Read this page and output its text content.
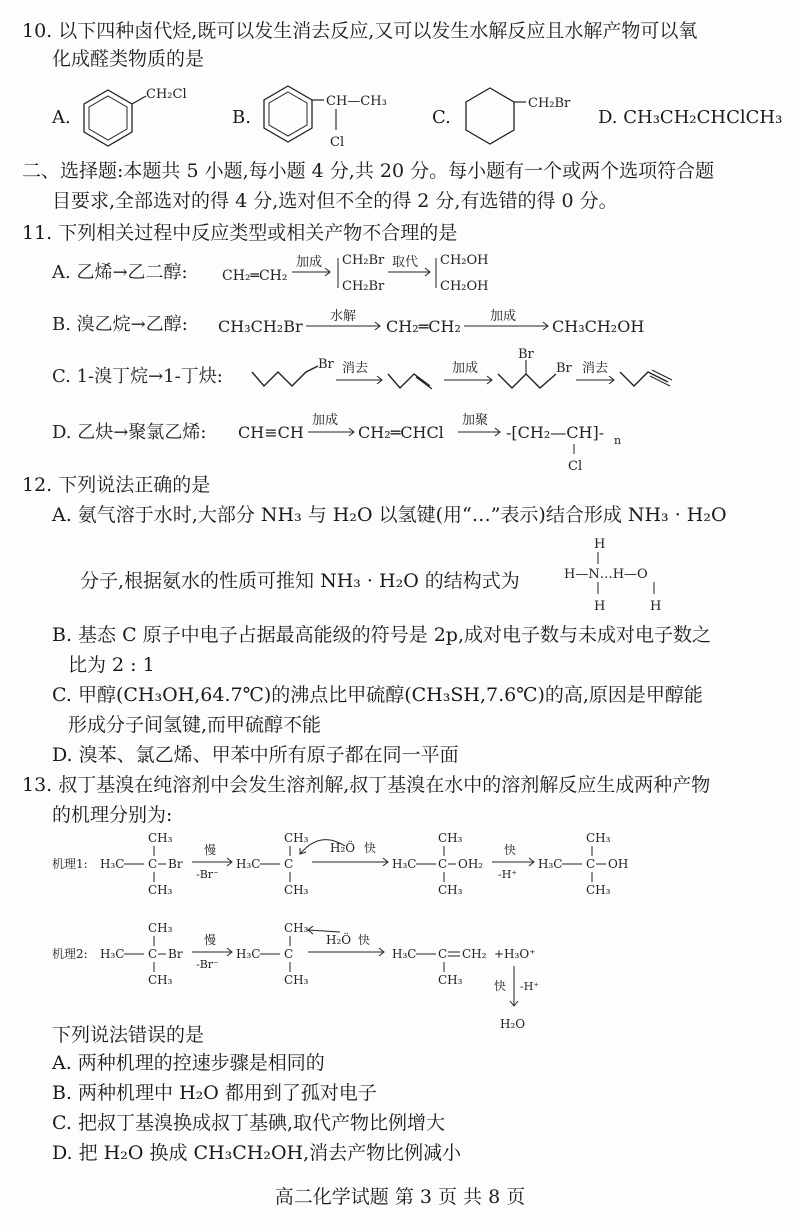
10. 以下四种卤代烃,既可以发生消去反应,又可以发生水解反应且水解产物可以氧
化成醛类物质的是
A.
CH₂Cl
B.
CH—CH₃
Cl
C.
CH₂Br
D. CH₃CH₂CHClCH₃
二、选择题:本题共 5 小题,每小题 4 分,共 20 分。每小题有一个或两个选项符合题
目要求,全部选对的得 4 分,选对但不全的得 2 分,有选错的得 0 分。
11. 下列相关过程中反应类型或相关产物不合理的是
A. 乙烯→乙二醇: CH₂═CH₂
加成 CH₂Br
CH₂Br
取代 CH₂OH
CH₂OH
B. 溴乙烷→乙醇: CH₃CH₂Br
水解
CH₂═CH₂
加成
CH₃CH₂OH
C. 1-溴丁烷→1-丁炔:
Br 消去	加成
Br
Br 消去
D. 乙炔→聚氯乙烯: CH≡CH
加成
CH₂═CHCl
加聚
-[CH₂—CH]- n
Cl
12. 下列说法正确的是
A. 氨气溶于水时,大部分 NH₃ 与 H₂O 以氢键(用“…”表示)结合形成 NH₃ · H₂O
分子,根据氨水的性质可推知 NH₃ · H₂O 的结构式为
H
H—N…H—O
H	H
B. 基态 C 原子中电子占据最高能级的符号是 2p,成对电子数与未成对电子数之
比为 2 : 1
C. 甲醇(CH₃OH,64.7℃)的沸点比甲硫醇(CH₃SH,7.6℃)的高,原因是甲醇能
形成分子间氢键,而甲硫醇不能
D. 溴苯、氯乙烯、甲苯中所有原子都在同一平面
13. 叔丁基溴在纯溶剂中会发生溶剂解,叔丁基溴在水中的溶剂解反应生成两种产物
的机理分别为:
机理1:
CH₃
H₃C C Br
CH₃
慢
-Br⁻
CH₃
H₃C C
CH₃
H₂Ö 快
CH₃
H₃C C OH₂
CH₃
快
-H⁺
CH₃
H₃C C OH
CH₃
机理2:
CH₃
H₃C C Br
CH₃
慢
-Br⁻
CH₃
H₃C C
CH₃
H₂Ö 快
H₃C C CH₂
CH₃
+H₃O⁺
快 -H⁺
H₂O
下列说法错误的是
A. 两种机理的控速步骤是相同的
B. 两种机理中 H₂O 都用到了孤对电子
C. 把叔丁基溴换成叔丁基碘,取代产物比例增大
D. 把 H₂O 换成 CH₃CH₂OH,消去产物比例减小
高二化学试题 第 3 页 共 8 页
